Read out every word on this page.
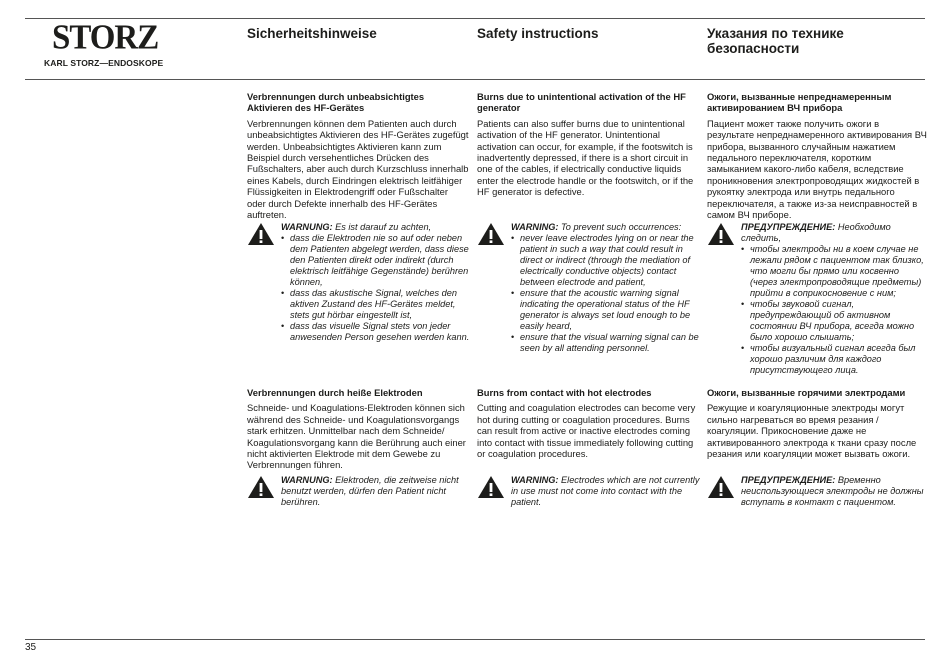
STORZ
KARL STORZ—ENDOSKOPE
Sicherheitshinweise	Safety instructions	Указания по технике безопасности
Verbrennungen durch unbeabsichtigtes Aktivieren des HF-Gerätes

Verbrennungen können dem Patienten auch durch unbeabsichtigtes Aktivieren des HF-Gerätes zugefügt werden. Unbeabsichtigtes Aktivieren kann zum Beispiel durch versehentliches Drücken des Fußschalters, aber auch durch Kurzschluss innerhalb eines Kabels, durch Eindringen elektrisch leitfähiger Flüssigkeiten in Elektrodengriff oder Fußschalter oder durch Defekte innerhalb des HF-Gerätes auftreten.

WARNUNG: Es ist darauf zu achten,
• dass die Elektroden nie so auf oder neben dem Patienten abgelegt werden, dass diese den Patienten direkt oder indirekt (durch elektrisch leitfähige Gegenstände) berühren können,
• dass das akustische Signal, welches den aktiven Zustand des HF-Gerätes meldet, stets gut hörbar eingestellt ist,
• dass das visuelle Signal stets von jeder anwesenden Person gesehen werden kann.
Verbrennungen durch heiße Elektroden

Schneide- und Koagulations-Elektroden können sich während des Schneide- und Koagulationsvorgangs stark erhitzen. Unmittelbar nach dem Schneide/ Koagulationsvorgang kann die Berührung auch einer nicht aktivierten Elektrode mit dem Gewebe zu Verbrennungen führen.

WARNUNG: Elektroden, die zeitweise nicht benutzt werden, dürfen den Patient nicht berühren.
Burns due to unintentional activation of the HF generator

Patients can also suffer burns due to unintentional activation of the HF generator. Unintentional activation can occur, for example, if the footswitch is inadvertently depressed, if there is a short circuit in one of the cables, if electrically conductive liquids enter the electrode handle or the footswitch, or if the HF generator is defective.

WARNING: To prevent such occurrences:
• never leave electrodes lying on or near the patient in such a way that could result in direct or indirect (through the mediation of electrically conductive objects) contact between electrode and patient,
• ensure that the acoustic warning signal indicating the operational status of the HF generator is always set loud enough to be easily heard,
• ensure that the visual warning signal can be seen by all attending personnel.
Burns from contact with hot electrodes

Cutting and coagulation electrodes can become very hot during cutting or coagulation procedures. Burns can result from active or inactive electrodes coming into contact with tissue immediately following cutting or coagulation procedures.

WARNING: Electrodes which are not currently in use must not come into contact with the patient.
Ожоги, вызванные непреднамеренным активированием ВЧ прибора

Пациент может также получить ожоги в результате непреднамеренного активирования ВЧ прибора, вызванного случайным нажатием педального переключателя, коротким замыканием какого-либо кабеля, вследствие проникновения электропроводящих жидкостей в рукоятку электрода или внутрь педального переключателя, а также из-за неисправностей в самом ВЧ приборе.

ПРЕДУПРЕЖДЕНИЕ: Необходимо следить,
• чтобы электроды ни в коем случае не лежали рядом с пациентом так близко, что могли бы прямо или косвенно (через электропроводящие предметы) прийти в соприкосновение с ним;
• чтобы звуковой сигнал, предупреждающий об активном состоянии ВЧ прибора, всегда можно было хорошо слышать;
• чтобы визуальный сигнал всегда был хорошо различим для каждого присутствующего лица.
Ожоги, вызванные горячими электродами

Режущие и коагуляционные электроды могут сильно нагреваться во время резания / коагуляции. Прикосновение даже не активированного электрода к ткани сразу после резания или коагуляции может вызвать ожоги.

ПРЕДУПРЕЖДЕНИЕ: Временно неиспользующиеся электроды не должны вступать в контакт с пациентом.
35
